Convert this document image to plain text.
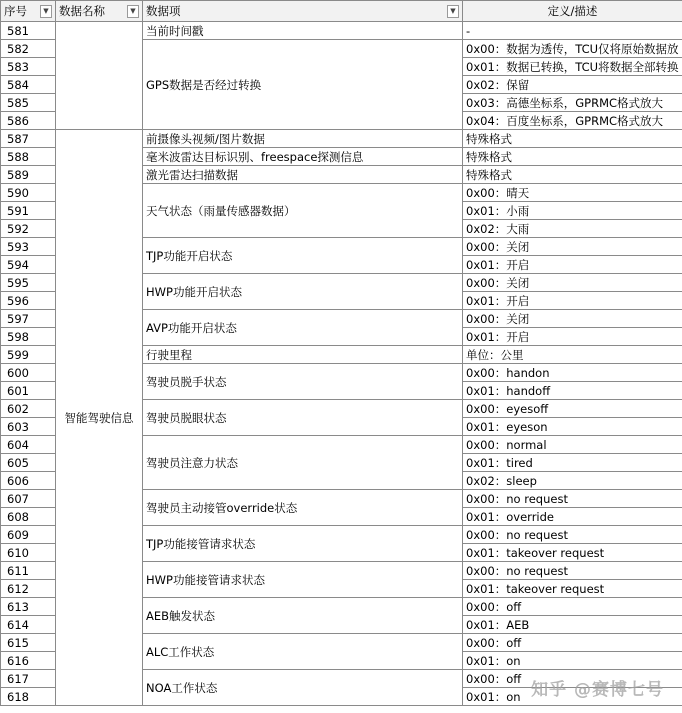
序号 ▼	数据名称 ▼	数据项 ▼	定义/描述

581		当前时间戳	-
582		GPS数据是否经过转换	0x00：数据为透传，TCU仅将原始数据放
583			0x01：数据已转换，TCU将数据全部转换
584			0x02：保留
585			0x03：高德坐标系，GPRMC格式放大
586			0x04：百度坐标系，GPRMC格式放大
587	智能驾驶信息	前摄像头视频/图片数据	特殊格式
588		毫米波雷达目标识别、freespace探测信息	特殊格式
589		激光雷达扫描数据	特殊格式
590		天气状态（雨量传感器数据）	0x00：晴天
591			0x01：小雨
592			0x02：大雨
593		TJP功能开启状态	0x00：关闭
594			0x01：开启
595		HWP功能开启状态	0x00：关闭
596			0x01：开启
597		AVP功能开启状态	0x00：关闭
598			0x01：开启
599		行驶里程	单位：公里
600		驾驶员脱手状态	0x00：handon
601			0x01：handoff
602		驾驶员脱眼状态	0x00：eyesoff
603			0x01：eyeson
604		驾驶员注意力状态	0x00：normal
605			0x01：tired
606			0x02：sleep
607		驾驶员主动接管override状态	0x00：no request
608			0x01：override
609		TJP功能接管请求状态	0x00：no request
610			0x01：takeover request
611		HWP功能接管请求状态	0x00：no request
612			0x01：takeover request
613		AEB触发状态	0x00：off
614			0x01：AEB
615		ALC工作状态	0x00：off
616			0x01：on
617		NOA工作状态	0x00：off
618			0x01：on 知乎 @赛博七号
